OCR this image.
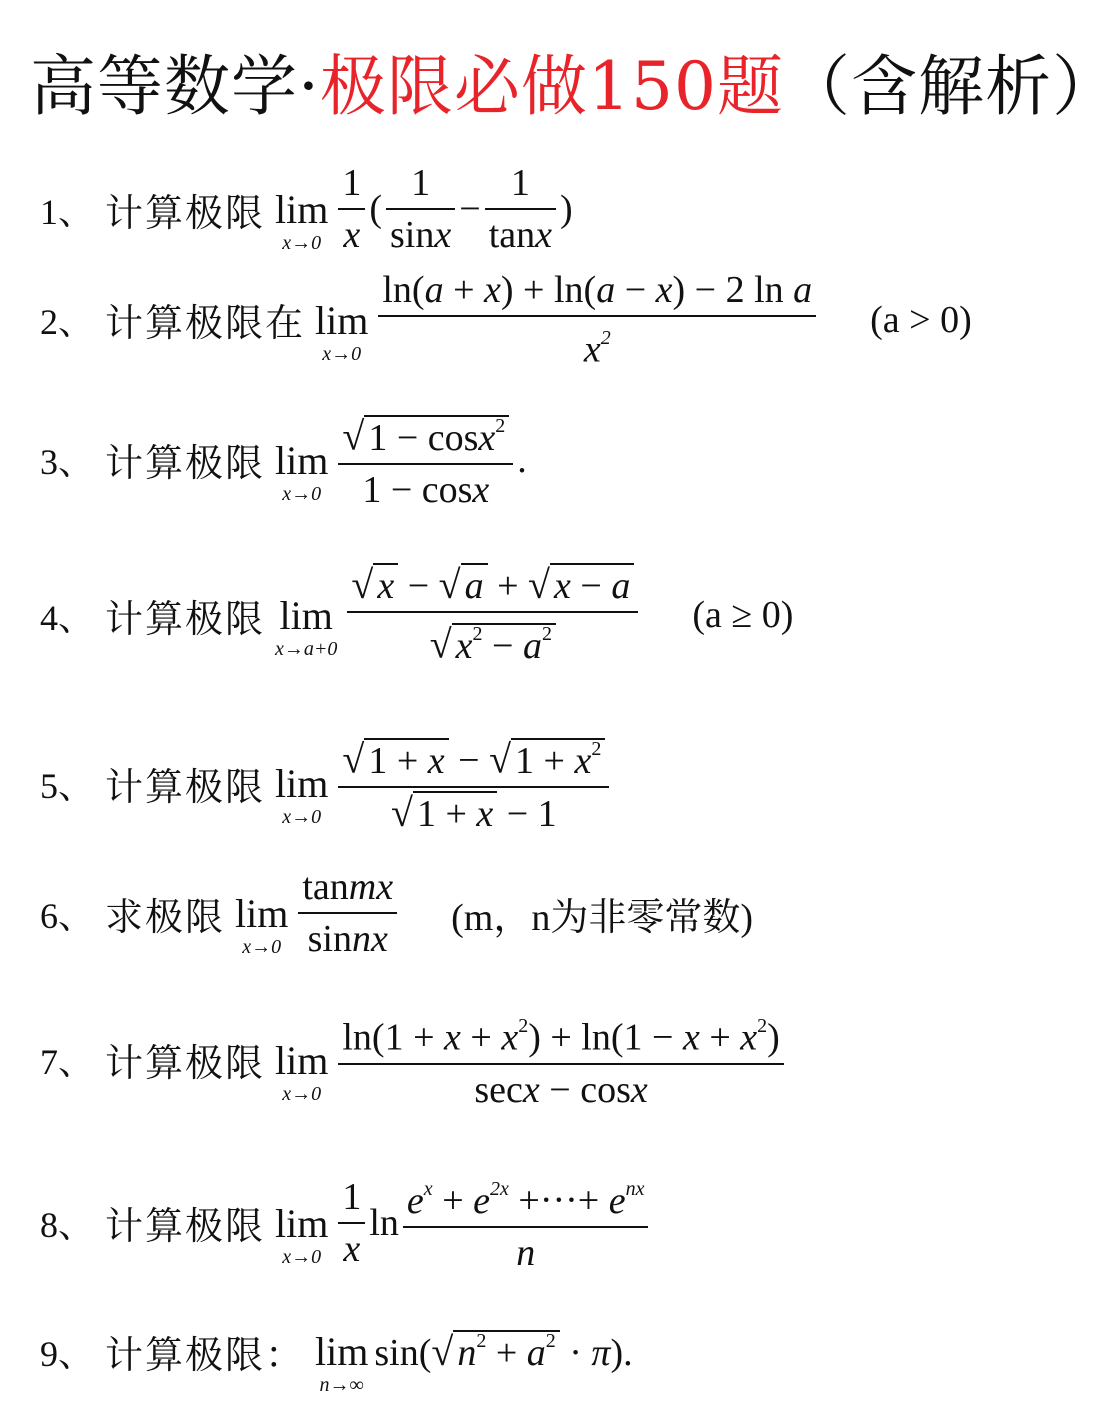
高等数学·极限必做150题（含解析）
1、 计算极限 lim
$x\to 0 \frac{1}{x}$ ( $\frac{1}{\sin x} - \frac{1}{\tan x}$ )
2、 计算极限在 lim
$x\to 0 \frac{\text{ln(a + x) + ln(a − x) − 2 ln a}}{x^2} (a > 0)$
3、 计算极限 lim
$x\to 0 \frac{√ 1 - \cos x^2}{1 - \cos x}$ .
4、 计算极限 lim
$x\to a+0 \frac{√ x - √ a + √ x - a}{√ x^2 - a^2} (a \ge 0)$
5、 计算极限 lim
$x\to 0 \frac{√ 1 + x - √ 1 + x^2}{√ 1 + x - 1}$
6、 求极限 lim
$x\to 0 \frac{\text{tanmx}}{\text{sinnx}} (m$，n为非零常数)
7、 计算极限 lim
$x\to 0 \frac{\ln(1 + x + x^2) + \ln(1 - x + x^2)}{\sec x - \cos x}$
8、 计算极限 lim
$x\to 0 \frac{1}{x}$ $\ln \frac{e^x + e^{2x} +\cdot\cdot\cdot+ e^{nx}}{n}$
9、 计算极限： lim
n→∞
sin(√ $n^2 + a^2 \cdot \pi$).
